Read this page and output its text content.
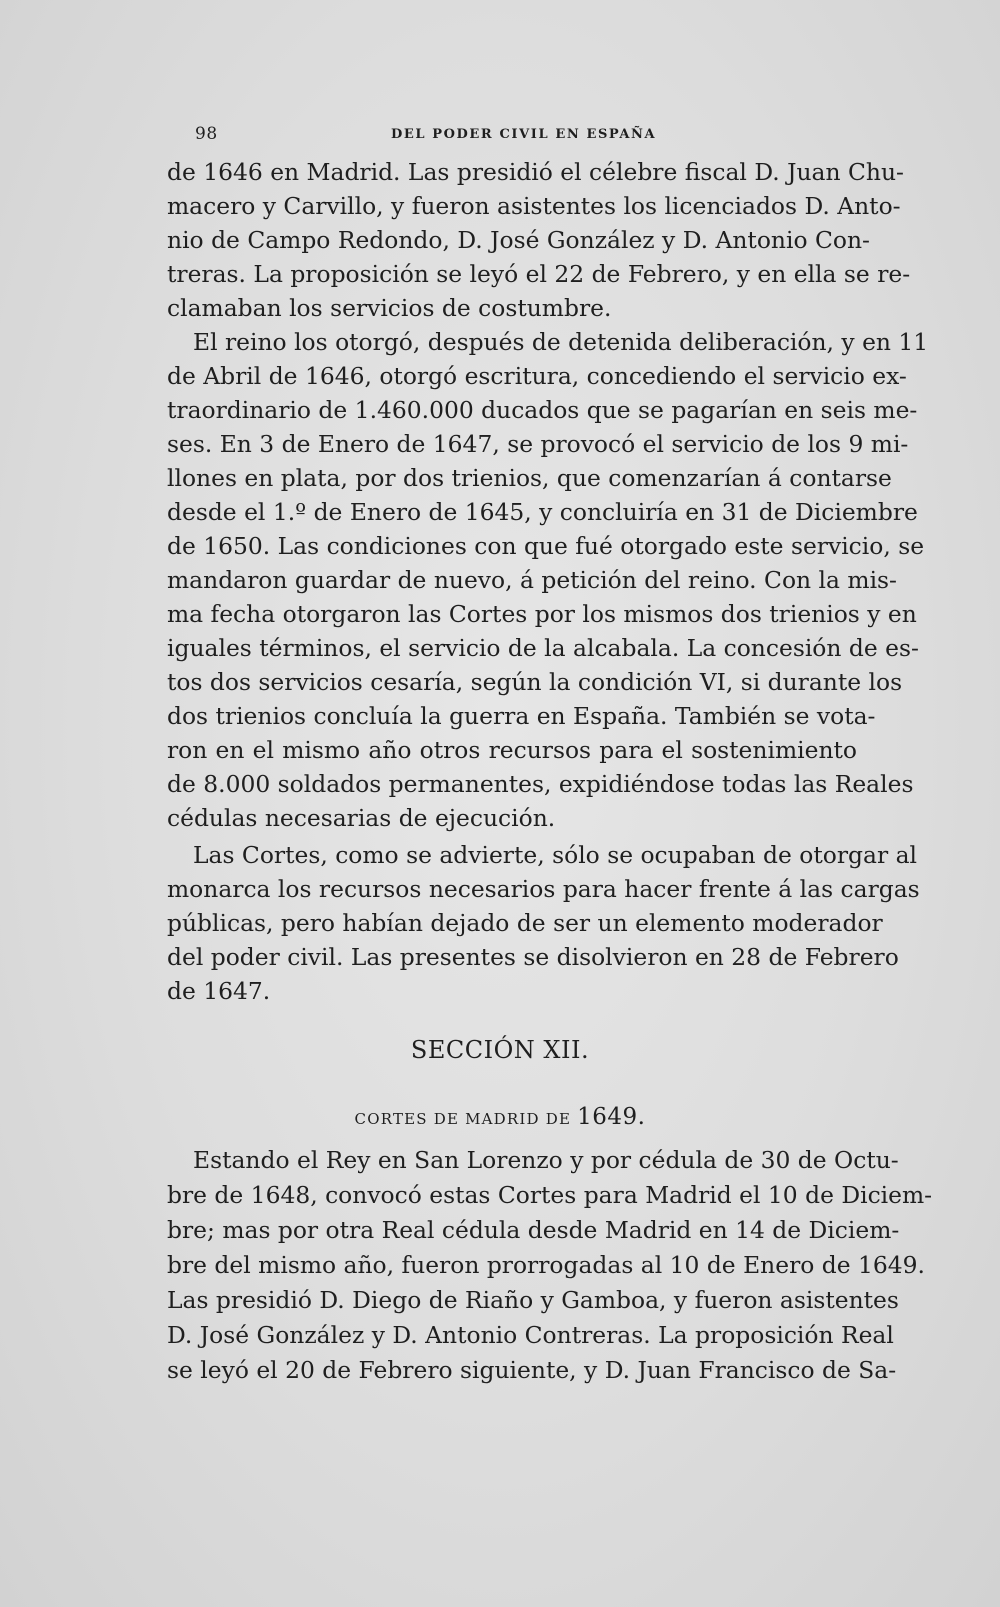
98	DEL PODER CIVIL EN ESPAÑA
de 1646 en Madrid. Las presidió el célebre fiscal D. Juan Chu-
macero y Carvillo, y fueron asistentes los licenciados D. Anto-
nio de Campo Redondo, D. José González y D. Antonio Con-
treras. La proposición se leyó el 22 de Febrero, y en ella se re-
clamaban los servicios de costumbre.
El reino los otorgó, después de detenida deliberación, y en 11
de Abril de 1646, otorgó escritura, concediendo el servicio ex-
traordinario de 1.460.000 ducados que se pagarían en seis me-
ses. En 3 de Enero de 1647, se provocó el servicio de los 9 mi-
llones en plata, por dos trienios, que comenzarían á contarse
desde el 1.º de Enero de 1645, y concluiría en 31 de Diciembre
de 1650. Las condiciones con que fué otorgado este servicio, se
mandaron guardar de nuevo, á petición del reino. Con la mis-
ma fecha otorgaron las Cortes por los mismos dos trienios y en
iguales términos, el servicio de la alcabala. La concesión de es-
tos dos servicios cesaría, según la condición VI, si durante los
dos trienios concluía la guerra en España. También se vota-
ron en el mismo año otros recursos para el sostenimiento
de 8.000 soldados permanentes, expidiéndose todas las Reales
cédulas necesarias de ejecución.
Las Cortes, como se advierte, sólo se ocupaban de otorgar al
monarca los recursos necesarios para hacer frente á las cargas
públicas, pero habían dejado de ser un elemento moderador
del poder civil. Las presentes se disolvieron en 28 de Febrero
de 1647.
SECCIÓN XII.
CORTES DE MADRID DE 1649.
Estando el Rey en San Lorenzo y por cédula de 30 de Octu-
bre de 1648, convocó estas Cortes para Madrid el 10 de Diciem-
bre; mas por otra Real cédula desde Madrid en 14 de Diciem-
bre del mismo año, fueron prorrogadas al 10 de Enero de 1649.
Las presidió D. Diego de Riaño y Gamboa, y fueron asistentes
D. José González y D. Antonio Contreras. La proposición Real
se leyó el 20 de Febrero siguiente, y D. Juan Francisco de Sa-
